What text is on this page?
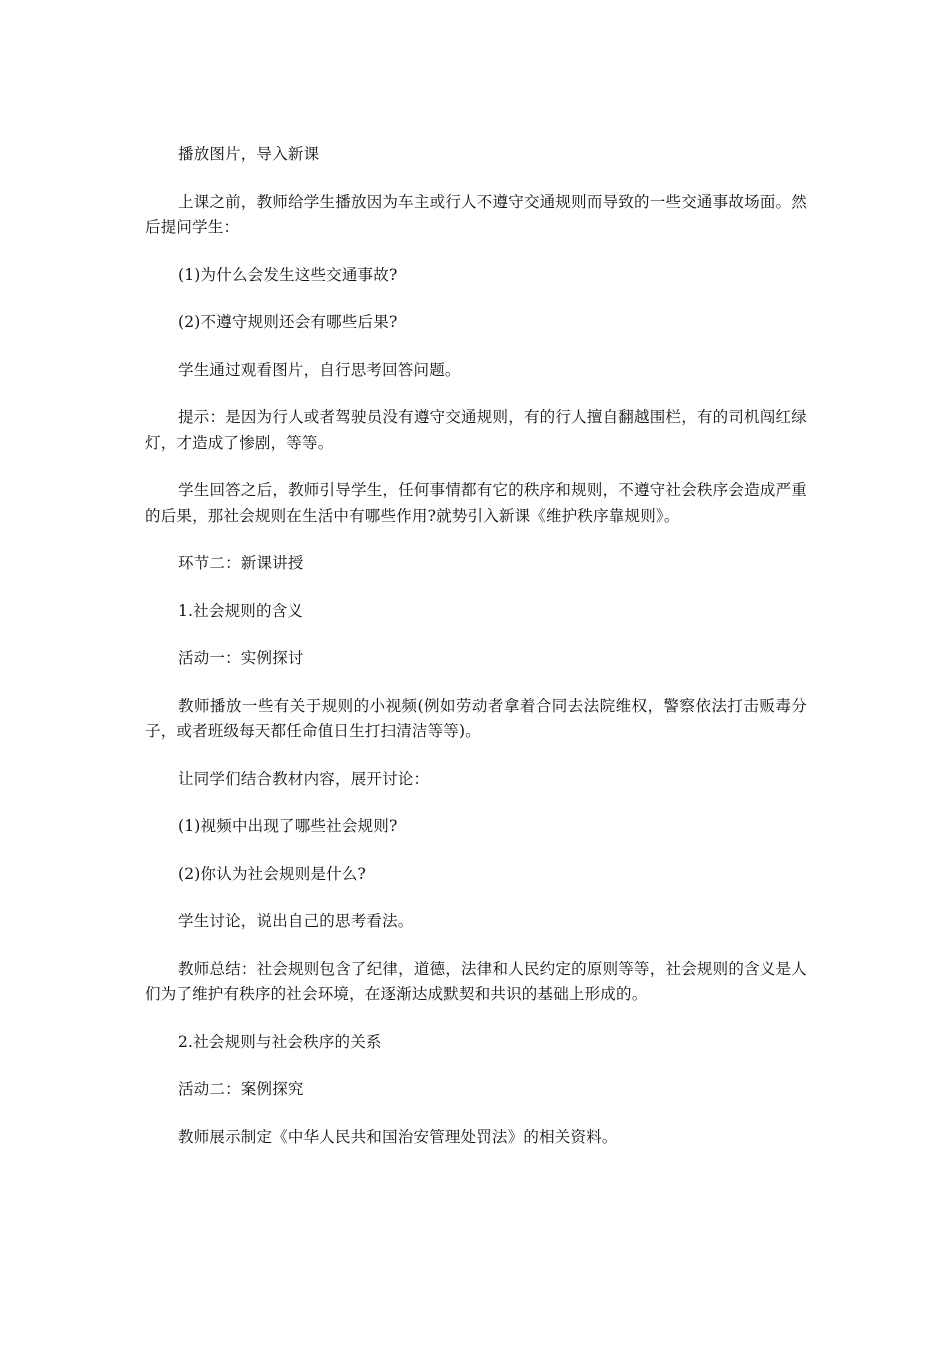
播放图片，导入新课

上课之前，教师给学生播放因为车主或行人不遵守交通规则而导致的一些交通事故场面。然后提问学生：

(1)为什么会发生这些交通事故?

(2)不遵守规则还会有哪些后果?

学生通过观看图片，自行思考回答问题。

提示：是因为行人或者驾驶员没有遵守交通规则，有的行人擅自翻越围栏，有的司机闯红绿灯，才造成了惨剧，等等。

学生回答之后，教师引导学生，任何事情都有它的秩序和规则，不遵守社会秩序会造成严重的后果，那社会规则在生活中有哪些作用?就势引入新课《维护秩序靠规则》。

环节二：新课讲授

1.社会规则的含义

活动一：实例探讨

教师播放一些有关于规则的小视频(例如劳动者拿着合同去法院维权，警察依法打击贩毒分子，或者班级每天都任命值日生打扫清洁等等)。

让同学们结合教材内容，展开讨论：

(1)视频中出现了哪些社会规则?

(2)你认为社会规则是什么?

学生讨论，说出自己的思考看法。

教师总结：社会规则包含了纪律，道德，法律和人民约定的原则等等，社会规则的含义是人们为了维护有秩序的社会环境，在逐渐达成默契和共识的基础上形成的。

2.社会规则与社会秩序的关系

活动二：案例探究

教师展示制定《中华人民共和国治安管理处罚法》的相关资料。
